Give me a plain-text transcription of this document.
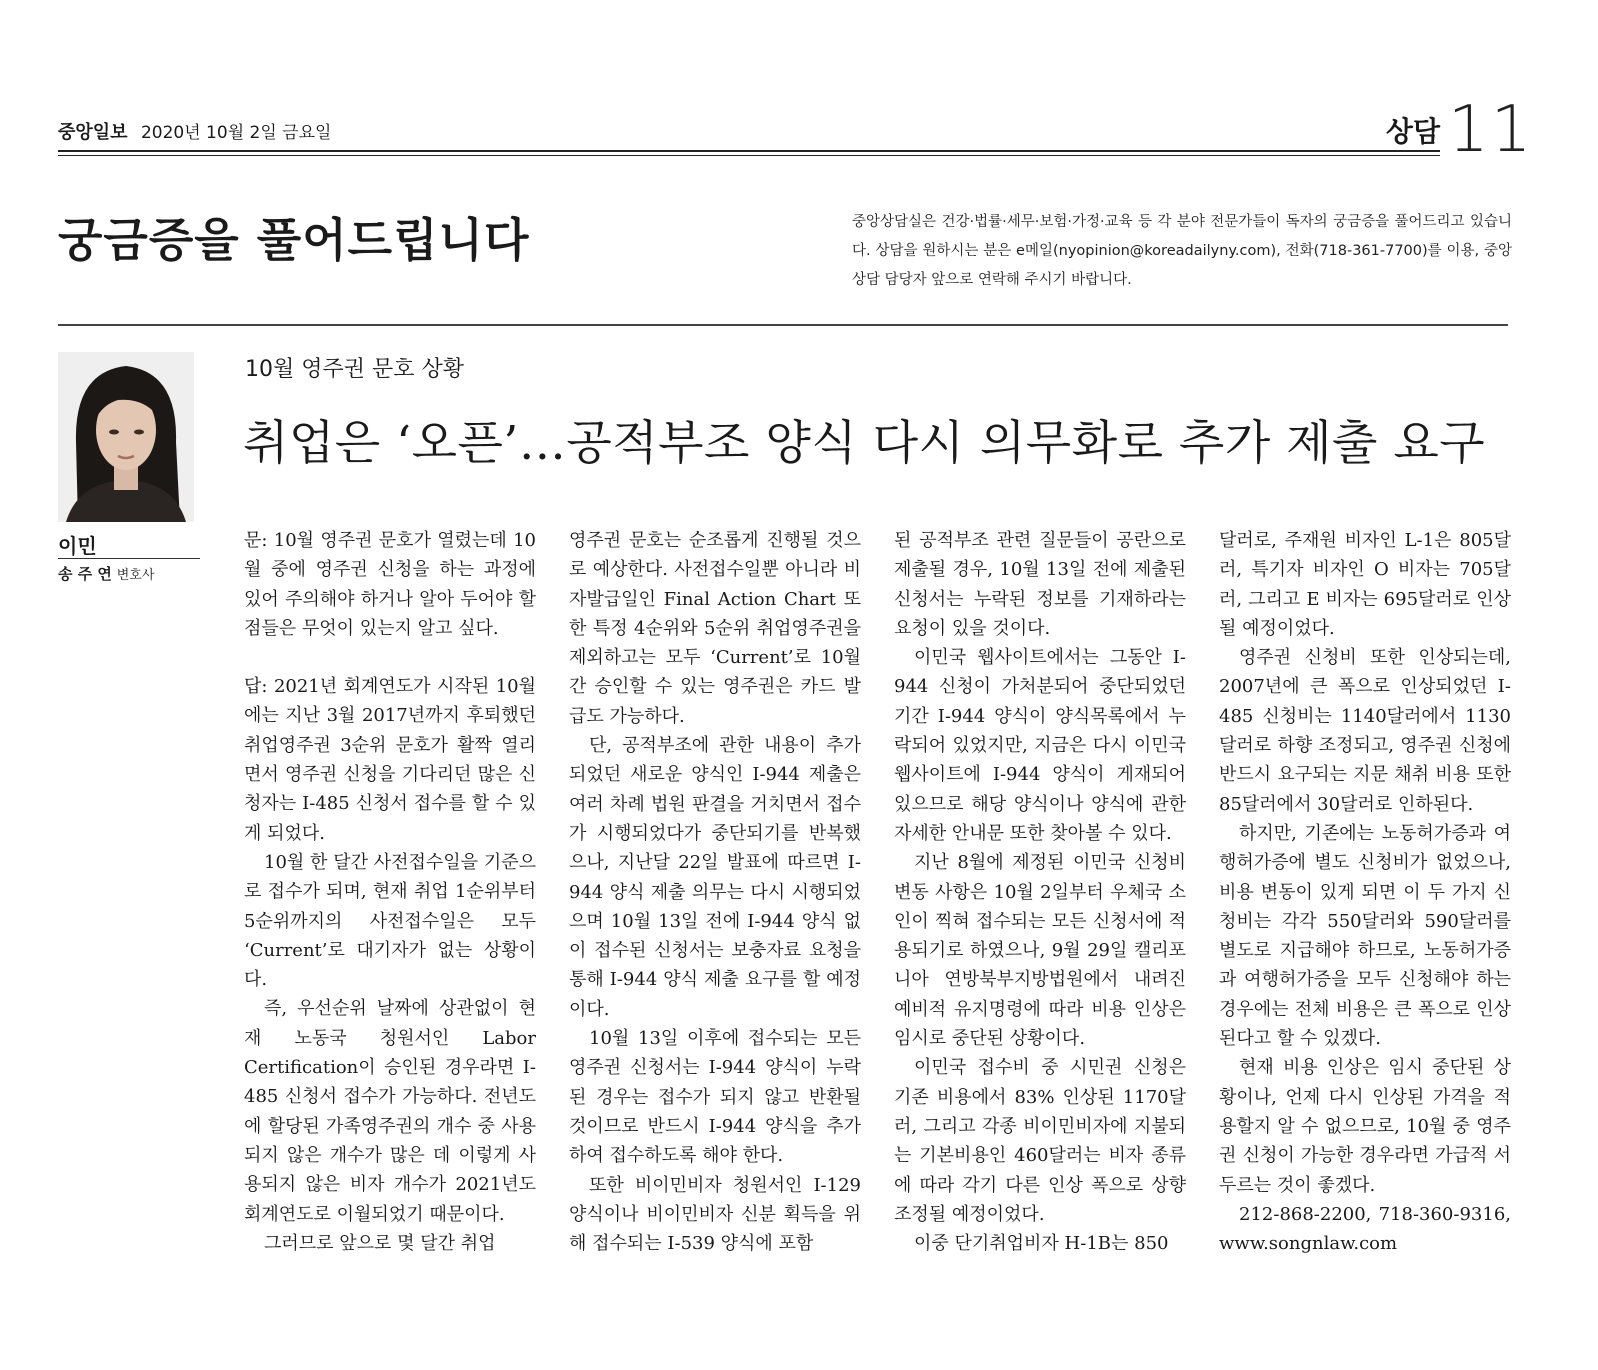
중앙일보 2020년 10월 2일 금요일	상담 11
궁금증을 풀어드립니다	중앙상담실은 건강·법률·세무·보험·가정·교육 등 각 분야 전문가들이 독자의 궁금증을 풀어드리고 있습니다. 상담을 원하시는 분은 e메일(nyopinion@koreadailyny.com), 전화(718-361-7700)를 이용, 중앙상담 담당자 앞으로 연락해 주시기 바랍니다.
이민
송 주 연 변호사
10월 영주권 문호 상황
취업은 ‘오픈’…공적부조 양식 다시 의무화로 추가 제출 요구

문: 10월 영주권 문호가 열렸는데 10월 중에 영주권 신청을 하는 과정에 있어 주의해야 하거나 알아 두어야 할 점들은 무엇이 있는지 알고 싶다.

답: 2021년 회계연도가 시작된 10월에는 지난 3월 2017년까지 후퇴했던 취업영주권 3순위 문호가 활짝 열리면서 영주권 신청을 기다리던 많은 신청자는 I-485 신청서 접수를 할 수 있게 되었다.

10월 한 달간 사전접수일을 기준으로 접수가 되며, 현재 취업 1순위부터 5순위까지의 사전접수일은 모두 ‘Current’로 대기자가 없는 상황이다.

즉, 우선순위 날짜에 상관없이 현재 노동국 청원서인 Labor Certification이 승인된 경우라면 I-485 신청서 접수가 가능하다. 전년도에 할당된 가족영주권의 개수 중 사용되지 않은 개수가 많은 데 이렇게 사용되지 않은 비자 개수가 2021년도 회계연도로 이월되었기 때문이다.

그러므로 앞으로 몇 달간 취업

영주권 문호는 순조롭게 진행될 것으로 예상한다. 사전접수일뿐 아니라 비자발급일인 Final Action Chart 또한 특정 4순위와 5순위 취업영주권을 제외하고는 모두 ‘Current’로 10월간 승인할 수 있는 영주권은 카드 발급도 가능하다.

단, 공적부조에 관한 내용이 추가되었던 새로운 양식인 I-944 제출은 여러 차례 법원 판결을 거치면서 접수가 시행되었다가 중단되기를 반복했으나, 지난달 22일 발표에 따르면 I-944 양식 제출 의무는 다시 시행되었으며 10월 13일 전에 I-944 양식 없이 접수된 신청서는 보충자료 요청을 통해 I-944 양식 제출 요구를 할 예정이다.

10월 13일 이후에 접수되는 모든 영주권 신청서는 I-944 양식이 누락된 경우는 접수가 되지 않고 반환될 것이므로 반드시 I-944 양식을 추가하여 접수하도록 해야 한다.

또한 비이민비자 청원서인 I-129 양식이나 비이민비자 신분 획득을 위해 접수되는 I-539 양식에 포함

된 공적부조 관련 질문들이 공란으로 제출될 경우, 10월 13일 전에 제출된 신청서는 누락된 정보를 기재하라는 요청이 있을 것이다.

이민국 웹사이트에서는 그동안 I-944 신청이 가처분되어 중단되었던 기간 I-944 양식이 양식목록에서 누락되어 있었지만, 지금은 다시 이민국 웹사이트에 I-944 양식이 게재되어 있으므로 해당 양식이나 양식에 관한 자세한 안내문 또한 찾아볼 수 있다.

지난 8월에 제정된 이민국 신청비 변동 사항은 10월 2일부터 우체국 소인이 찍혀 접수되는 모든 신청서에 적용되기로 하였으나, 9월 29일 캘리포니아 연방북부지방법원에서 내려진 예비적 유지명령에 따라 비용 인상은 임시로 중단된 상황이다.

이민국 접수비 중 시민권 신청은 기존 비용에서 83% 인상된 1170달러, 그리고 각종 비이민비자에 지불되는 기본비용인 460달러는 비자 종류에 따라 각기 다른 인상 폭으로 상향 조정될 예정이었다.

이중 단기취업비자 H-1B는 850

달러로, 주재원 비자인 L-1은 805달러, 특기자 비자인 O 비자는 705달러, 그리고 E 비자는 695달러로 인상될 예정이었다.

영주권 신청비 또한 인상되는데, 2007년에 큰 폭으로 인상되었던 I-485 신청비는 1140달러에서 1130달러로 하향 조정되고, 영주권 신청에 반드시 요구되는 지문 채취 비용 또한 85달러에서 30달러로 인하된다.

하지만, 기존에는 노동허가증과 여행허가증에 별도 신청비가 없었으나, 비용 변동이 있게 되면 이 두 가지 신청비는 각각 550달러와 590달러를 별도로 지급해야 하므로, 노동허가증과 여행허가증을 모두 신청해야 하는 경우에는 전체 비용은 큰 폭으로 인상된다고 할 수 있겠다.

현재 비용 인상은 임시 중단된 상황이나, 언제 다시 인상된 가격을 적용할지 알 수 없으므로, 10월 중 영주권 신청이 가능한 경우라면 가급적 서두르는 것이 좋겠다.

212-868-2200, 718-360-9316, www.songnlaw.com
